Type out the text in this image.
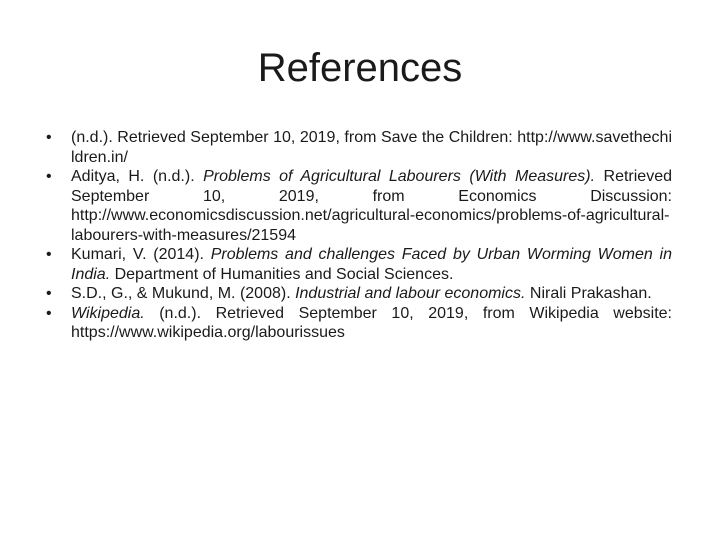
References
•	(n.d.). Retrieved September 10, 2019, from Save the Children: http://www.savethechildren.in/
•	Aditya, H. (n.d.). Problems of Agricultural Labourers (With Measures). Retrieved September 10, 2019, from Economics Discussion: http://www.economicsdiscussion.net/agricultural-economics/problems-of-agricultural-labourers-with-measures/21594
•	Kumari, V. (2014). Problems and challenges Faced by Urban Worming Women in India. Department of Humanities and Social Sciences.
•	S.D., G., & Mukund, M. (2008). Industrial and labour economics. Nirali Prakashan.
•	Wikipedia. (n.d.). Retrieved September 10, 2019, from Wikipedia website: https://www.wikipedia.org/labourissues
